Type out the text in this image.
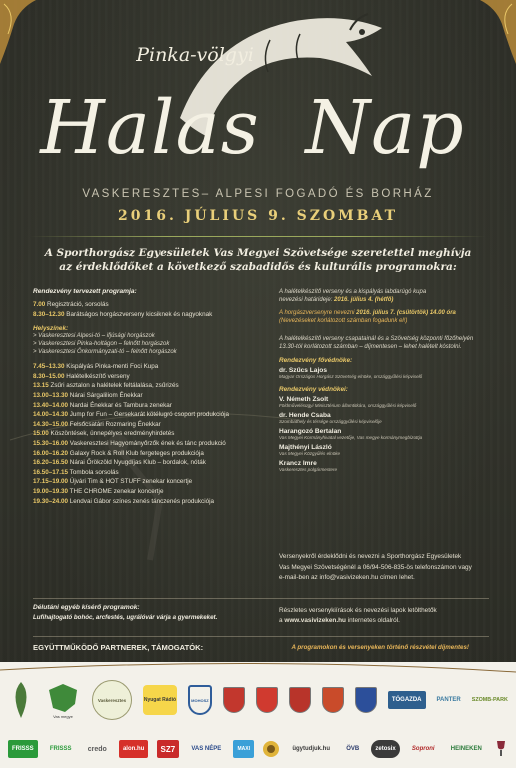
Pinka-völgyi
Halas Nap
VASKERESZTES– ALPESI FOGADÓ ÉS BORHÁZ
2016. JÚLIUS 9. SZOMBAT
A Sporthorgász Egyesületek Vas Megyei Szövetsége szeretettel meghívja
az érdeklődőket a következő szabadidős és kulturális programokra:
Rendezvény tervezett programja:
7.00 Regisztráció, sorsolás
8.30–12.30 Barátságos horgászverseny kicsiknek és nagyoknak
Helyszínek:
> Vaskeresztesi Alpesi-tó – ifjúsági horgászok
> Vaskeresztesi Pinka-holtágon – felnőtt horgászok
> Vaskeresztesi Önkormányzati-tó – felnőtt horgászok
7.45–13.30 Kispályás Pinka-menti Foci Kupa
8.30–15.00 Halételkészítő verseny
13.15 Zsűri asztalon a halételek feltálalása, zsűrizés
13.00–13.30 Nárai Sárgaliliom Énekkar
13.40–14.00 Nardai Énekkar és Tambura zenekar
14.00–14.30 Jump for Fun – Gersekarát kötélugró csoport produkciója
14.30–15.00 Felsőcsatári Rozmaring Énekkar
15.00 Köszöntések, ünnepélyes eredményhirdetés
15.30–16.00 Vaskeresztesi Hagyományőrzők ének és tánc produkció
16.00–16.20 Galaxy Rock & Roll Klub fergeteges produkciója
16.20–16.50 Nárai Őrökzöld Nyugdíjas Klub – bordalok, nóták
16.50–17.15 Tombola sorsolás
17.15–19.00 Újvári Tim & HOT STUFF zenekar koncertje
19.00–19.30 THE CHROME zenekar koncertje
19.30–24.00 Lendvai Gábor színes zenés tánczenés produkciója
A halételkészítő verseny és a kispályás labdarúgó kupa
nevezési határideje: 2016. július 4. (hétfő)
A horgászversenyre nevezni 2016. július 7. (csütörtök) 14.00 óra
(Nevezéseket korlátozott számban fogadunk el!)
A halételkészítő verseny csapatainál és a Szövetség központi főzőhelyén
13.30-tól korlátozott számban – díjmentesen – lehet halételt kóstolni.
Rendezvény fővédnöke:
dr. Szűcs Lajos
Magyar Országos Horgász Szövetség elnöke, országgyűlési képviselő
Rendezvény védnökei:
V. Németh Zsolt
Földművelésügyi Minisztérium államtitkára, országgyűlési képviselő
dr. Hende Csaba
Szombathely és térsége országgyűlési képviselője
Harangozó Bertalan
Vas Megyei Kormányhivatal vezetője, Vas megye kormánymegbízottja
Majthényi László
Vas Megyei Közgyűlés elnöke
Krancz Imre
Vaskeresztes polgármestere
Versenyekről érdeklődni és nevezni a Sporthorgász Egyesületek
Vas Megyei Szövetségénél a 06/94-506-835-ös telefonszámon vagy
e-mail-ben az info@vasivizeken.hu címen lehet.
Délutáni egyéb kísérő programok:
Lufihajtogató bohóc, arcfestés, ugrálóvár várja a gyermekeket.
Részletes versenykiírások és nevezési lapok letölthetők
a www.vasivizeken.hu internetes oldalról.
EGYÜTTMŰKÖDŐ PARTNEREK, TÁMOGATÓK:	A programokon és versenyeken történő részvétel díjmentes!
Vas megye
Vaskeresztes	Nyugat Rádió	MOHOSZ	TÓGAZDA PANTER SZOMB-PARK
FRISSS	FRISSS credo	alon.hu SZ7	VAS NÉPE	MAXI	ügytudjuk.hu	ÖVB	zetosix	Soproni	HEINEKEN
